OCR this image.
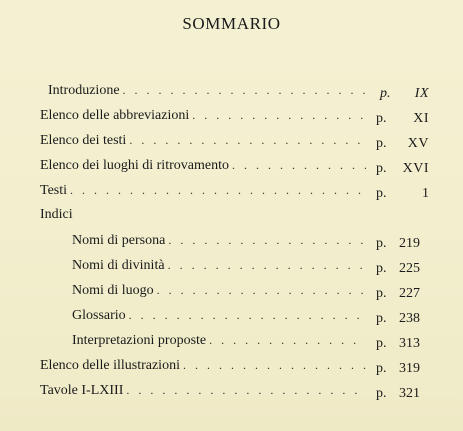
SOMMARIO
Introduzione . . .	p.	IX
Elenco delle abbreviazioni . . .	p.	XI
Elenco dei testi . . .	p.	XV
Elenco dei luoghi di ritrovamento . . .	p.	XVI
Testi . . .	p.	1
Indici
Nomi di persona . . .	p. 219
Nomi di divinità . . .	p. 225
Nomi di luogo . . .	p. 227
Glossario . . .	p. 238
Interpretazioni proposte . . .	p. 313
Elenco delle illustrazioni . . .	p. 319
Tavole I-LXIII . . .	p. 321
